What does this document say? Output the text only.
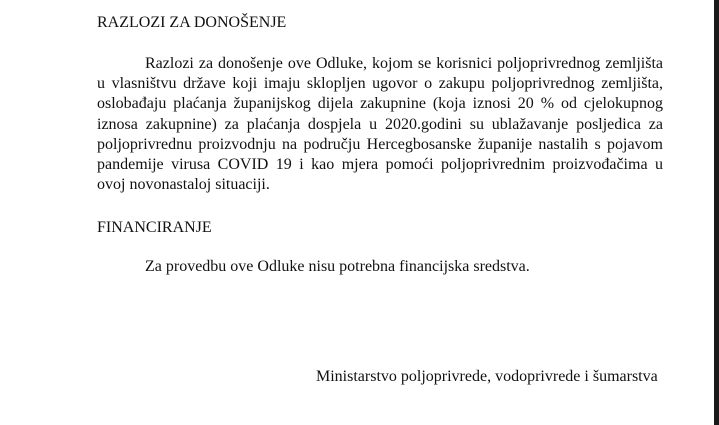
RAZLOZI ZA DONOŠENJE
Razlozi za donošenje ove Odluke, kojom se korisnici poljoprivrednog zemljišta
u vlasništvu države koji imaju sklopljen ugovor o zakupu poljoprivrednog zemljišta,
oslobađaju plaćanja županijskog dijela zakupnine (koja iznosi 20 % od cjelokupnog
iznosa zakupnine) za plaćanja dospjela u 2020.godini su ublažavanje posljedica za
poljoprivrednu proizvodnju na području Hercegbosanske županije nastalih s pojavom
pandemije virusa COVID 19 i kao mjera pomoći poljoprivrednim proizvođačima u
ovoj novonastaloj situaciji.
FINANCIRANJE
Za provedbu ove Odluke nisu potrebna financijska sredstva.
Ministarstvo poljoprivrede, vodoprivrede i šumarstva
